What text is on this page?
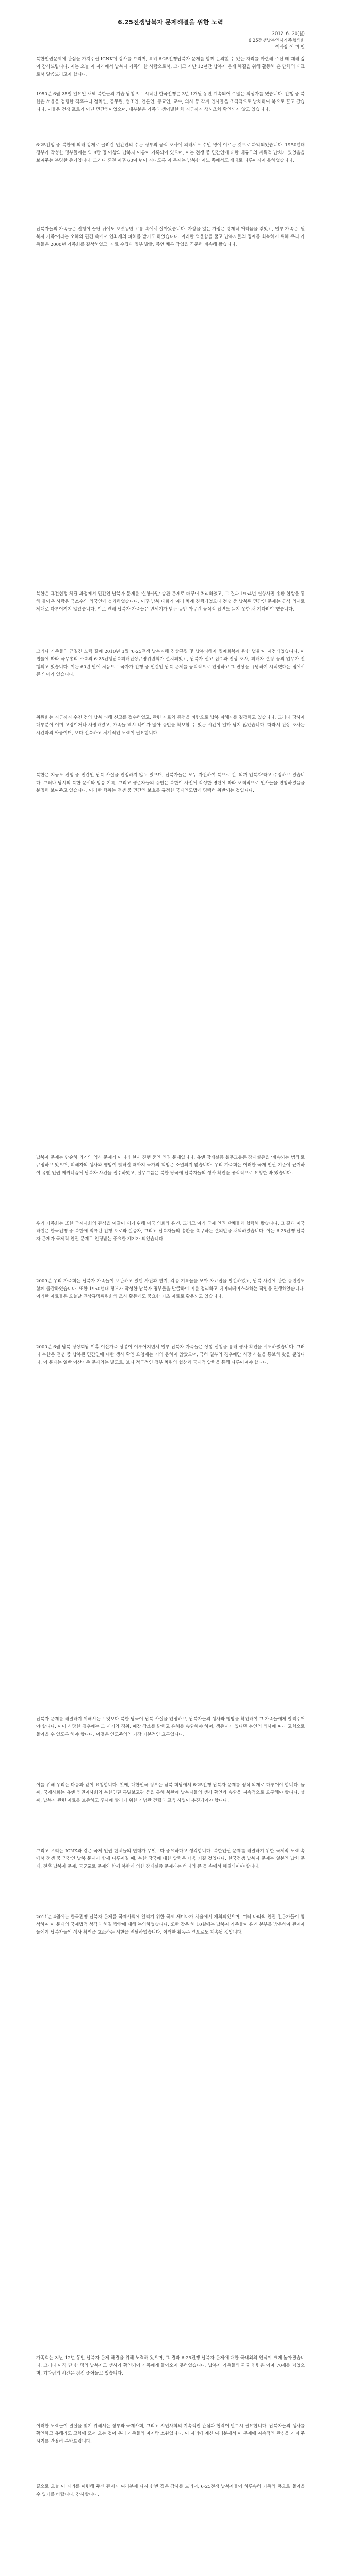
6.25전쟁납북자 문제해결을 위한 노력
2012. 6. 20(월)
6·25전쟁납북인사가족협의회
이사장 이 미 일

북한인권문제에 관심을 가져주신 ICNK에 감사를 드리며, 특히 6·25전쟁납북자 문제를 함께 논의할 수 있는 자리를 마련해 주신 데 대해 깊이 감사드립니다. 저는 오늘 이 자리에서 납북자 가족의 한 사람으로서, 그리고 지난 12년간 납북자 문제 해결을 위해 활동해 온 단체의 대표로서 말씀드리고자 합니다.

1950년 6월 25일 일요일 새벽 북한군의 기습 남침으로 시작된 한국전쟁은 3년 1개월 동안 계속되어 수많은 희생자를 냈습니다. 전쟁 중 북한은 서울을 점령한 직후부터 정치인, 공무원, 법조인, 언론인, 종교인, 교수, 의사 등 각계 인사들을 조직적으로 납치하여 북으로 끌고 갔습니다. 이들은 전쟁 포로가 아닌 민간인이었으며, 대부분은 가족과 생이별한 채 지금까지 생사조차 확인되지 않고 있습니다.

6·25전쟁 중 북한에 의해 강제로 끌려간 민간인의 수는 정부의 공식 조사에 의해서도 수만 명에 이르는 것으로 파악되었습니다. 1950년대 정부가 작성한 명부들에는 약 8만 명 이상의 납북자 이름이 기록되어 있으며, 이는 전쟁 중 민간인에 대한 대규모의 계획적 납치가 있었음을 보여주는 분명한 증거입니다. 그러나 휴전 이후 60여 년이 지나도록 이 문제는 남북한 어느 쪽에서도 제대로 다루어지지 못하였습니다.

납북자들의 가족들은 전쟁이 끝난 뒤에도 오랫동안 고통 속에서 살아왔습니다. 가장을 잃은 가정은 경제적 어려움을 겪었고, 일부 가족은 '월북자 가족'이라는 오해와 편견 속에서 연좌제의 피해를 받기도 하였습니다. 이러한 억울함을 풀고 납북자들의 명예를 회복하기 위해 우리 가족들은 2000년 가족회를 결성하였고, 자료 수집과 명부 발굴, 증언 채록 작업을 꾸준히 계속해 왔습니다.

북한은 휴전협정 체결 과정에서 민간인 납북자 문제를 '실향사민' 송환 문제로 바꾸어 처리하였고, 그 결과 1954년 실향사민 송환 협상을 통해 돌아온 사람은 극소수의 외국인에 불과하였습니다. 이후 남북 대화가 여러 차례 진행되었으나 전쟁 중 납북된 민간인 문제는 공식 의제로 제대로 다루어지지 않았습니다. 이로 인해 납북자 가족들은 반세기가 넘는 동안 아무런 공식적 답변도 듣지 못한 채 기다려야 했습니다.

그러나 가족들의 끈질긴 노력 끝에 2010년 3월 '6·25전쟁 납북피해 진상규명 및 납북피해자 명예회복에 관한 법률'이 제정되었습니다. 이 법률에 따라 국무총리 소속의 6·25전쟁납북피해진상규명위원회가 설치되었고, 납북자 신고 접수와 진상 조사, 피해자 결정 등의 업무가 진행되고 있습니다. 이는 60년 만에 처음으로 국가가 전쟁 중 민간인 납북 문제를 공식적으로 인정하고 그 진상을 규명하기 시작했다는 점에서 큰 의미가 있습니다.

위원회는 지금까지 수천 건의 납북 피해 신고를 접수하였고, 관련 자료와 증언을 바탕으로 납북 피해자를 결정하고 있습니다. 그러나 당사자 대부분이 이미 고령이거나 사망하였고, 가족들 역시 나이가 많아 증언을 확보할 수 있는 시간이 얼마 남지 않았습니다. 따라서 진상 조사는 시간과의 싸움이며, 보다 신속하고 체계적인 노력이 필요합니다.

북한은 지금도 전쟁 중 민간인 납북 사실을 인정하지 않고 있으며, 납북자들은 모두 자진하여 북으로 간 '의거 입북자'라고 주장하고 있습니다. 그러나 당시의 북한 문서와 방송 기록, 그리고 생존자들의 증언은 북한이 사전에 작성한 명단에 따라 조직적으로 인사들을 연행하였음을 분명히 보여주고 있습니다. 이러한 행위는 전쟁 중 민간인 보호를 규정한 국제인도법에 명백히 위반되는 것입니다.

납북자 문제는 단순히 과거의 역사 문제가 아니라 현재 진행 중인 인권 문제입니다. 유엔 강제실종 실무그룹은 강제실종을 '계속되는 범죄'로 규정하고 있으며, 피해자의 생사와 행방이 밝혀질 때까지 국가의 책임은 소멸되지 않습니다. 우리 가족회는 이러한 국제 인권 기준에 근거하여 유엔 인권 메커니즘에 납북자 사건을 접수하였고, 실무그룹은 북한 당국에 납북자들의 생사 확인을 공식적으로 요청한 바 있습니다.

우리 가족회는 또한 국제사회의 관심을 이끌어 내기 위해 미국 의회와 유엔, 그리고 여러 국제 인권 단체들과 협력해 왔습니다. 그 결과 미국 하원은 한국전쟁 중 북한에 억류된 전쟁 포로와 실종자, 그리고 납북자들의 송환을 촉구하는 결의안을 채택하였습니다. 이는 6·25전쟁 납북자 문제가 국제적 인권 문제로 인정받는 중요한 계기가 되었습니다.

2009년 우리 가족회는 납북자 가족들이 보관하고 있던 사진과 편지, 각종 기록물을 모아 자료집을 발간하였고, 납북 사건에 관한 증언집도 함께 출간하였습니다. 또한 1950년대 정부가 작성한 납북자 명부들을 발굴하여 이를 정리하고 데이터베이스화하는 작업을 진행하였습니다. 이러한 자료들은 오늘날 진상규명위원회의 조사 활동에도 중요한 기초 자료로 활용되고 있습니다.

2000년 6월 남북 정상회담 이후 이산가족 상봉이 이루어지면서 일부 납북자 가족들은 상봉 신청을 통해 생사 확인을 시도하였습니다. 그러나 북한은 전쟁 중 납북된 민간인에 대한 생사 확인 요청에는 거의 응하지 않았으며, 극히 일부의 경우에만 사망 사실을 통보해 왔을 뿐입니다. 이 문제는 일반 이산가족 문제와는 별도로, 보다 적극적인 정부 차원의 협상과 국제적 압력을 통해 다루어져야 합니다.

납북자 문제를 해결하기 위해서는 무엇보다 북한 당국이 납북 사실을 인정하고, 납북자들의 생사와 행방을 확인하여 그 가족들에게 알려주어야 합니다. 이미 사망한 경우에는 그 시기와 경위, 매장 장소를 밝히고 유해를 송환해야 하며, 생존자가 있다면 본인의 의사에 따라 고향으로 돌아올 수 있도록 해야 합니다. 이것은 인도주의의 가장 기본적인 요구입니다.

이를 위해 우리는 다음과 같이 요청합니다. 첫째, 대한민국 정부는 남북 회담에서 6·25전쟁 납북자 문제를 정식 의제로 다루어야 합니다. 둘째, 국제사회는 유엔 인권이사회와 북한인권 특별보고관 등을 통해 북한에 납북자들의 생사 확인과 송환을 지속적으로 요구해야 합니다. 셋째, 납북자 관련 자료를 보존하고 후세에 알리기 위한 기념관 건립과 교육 사업이 추진되어야 합니다.

그리고 우리는 ICNK와 같은 국제 인권 단체들의 연대가 무엇보다 중요하다고 생각합니다. 북한인권 문제를 해결하기 위한 국제적 노력 속에서 전쟁 중 민간인 납북 문제가 함께 다루어질 때, 북한 당국에 대한 압력은 더욱 커질 것입니다. 한국전쟁 납북자 문제는 일본인 납치 문제, 전후 납북자 문제, 국군포로 문제와 함께 북한에 의한 강제실종 문제라는 하나의 큰 틀 속에서 해결되어야 합니다.

2011년 4월에는 한국전쟁 납북자 문제를 국제사회에 알리기 위한 국제 세미나가 서울에서 개최되었으며, 여러 나라의 인권 전문가들이 참석하여 이 문제의 국제법적 성격과 해결 방안에 대해 논의하였습니다. 또한 같은 해 10월에는 납북자 가족들이 유엔 본부를 방문하여 관계자들에게 납북자들의 생사 확인을 호소하는 서한을 전달하였습니다. 이러한 활동은 앞으로도 계속될 것입니다.

가족회는 지난 12년 동안 납북자 문제 해결을 위해 노력해 왔으며, 그 결과 6·25전쟁 납북자 문제에 대한 국내외의 인식이 크게 높아졌습니다. 그러나 아직 단 한 명의 납북자도 생사가 확인되어 가족에게 돌아오지 못하였습니다. 납북자 가족들의 평균 연령은 이미 70세를 넘었으며, 기다림의 시간은 점점 줄어들고 있습니다.

이러한 노력들이 결실을 맺기 위해서는 정부와 국제사회, 그리고 시민사회의 지속적인 관심과 협력이 반드시 필요합니다. 납북자들의 생사를 확인하고 유해라도 고향에 모셔 오는 것이 우리 가족들의 마지막 소원입니다. 이 자리에 계신 여러분께서 이 문제에 지속적인 관심을 가져 주시기를 간절히 부탁드립니다.

끝으로 오늘 이 자리를 마련해 주신 관계자 여러분께 다시 한번 깊은 감사를 드리며, 6·25전쟁 납북자들이 하루속히 가족의 품으로 돌아올 수 있기를 바랍니다. 감사합니다.
